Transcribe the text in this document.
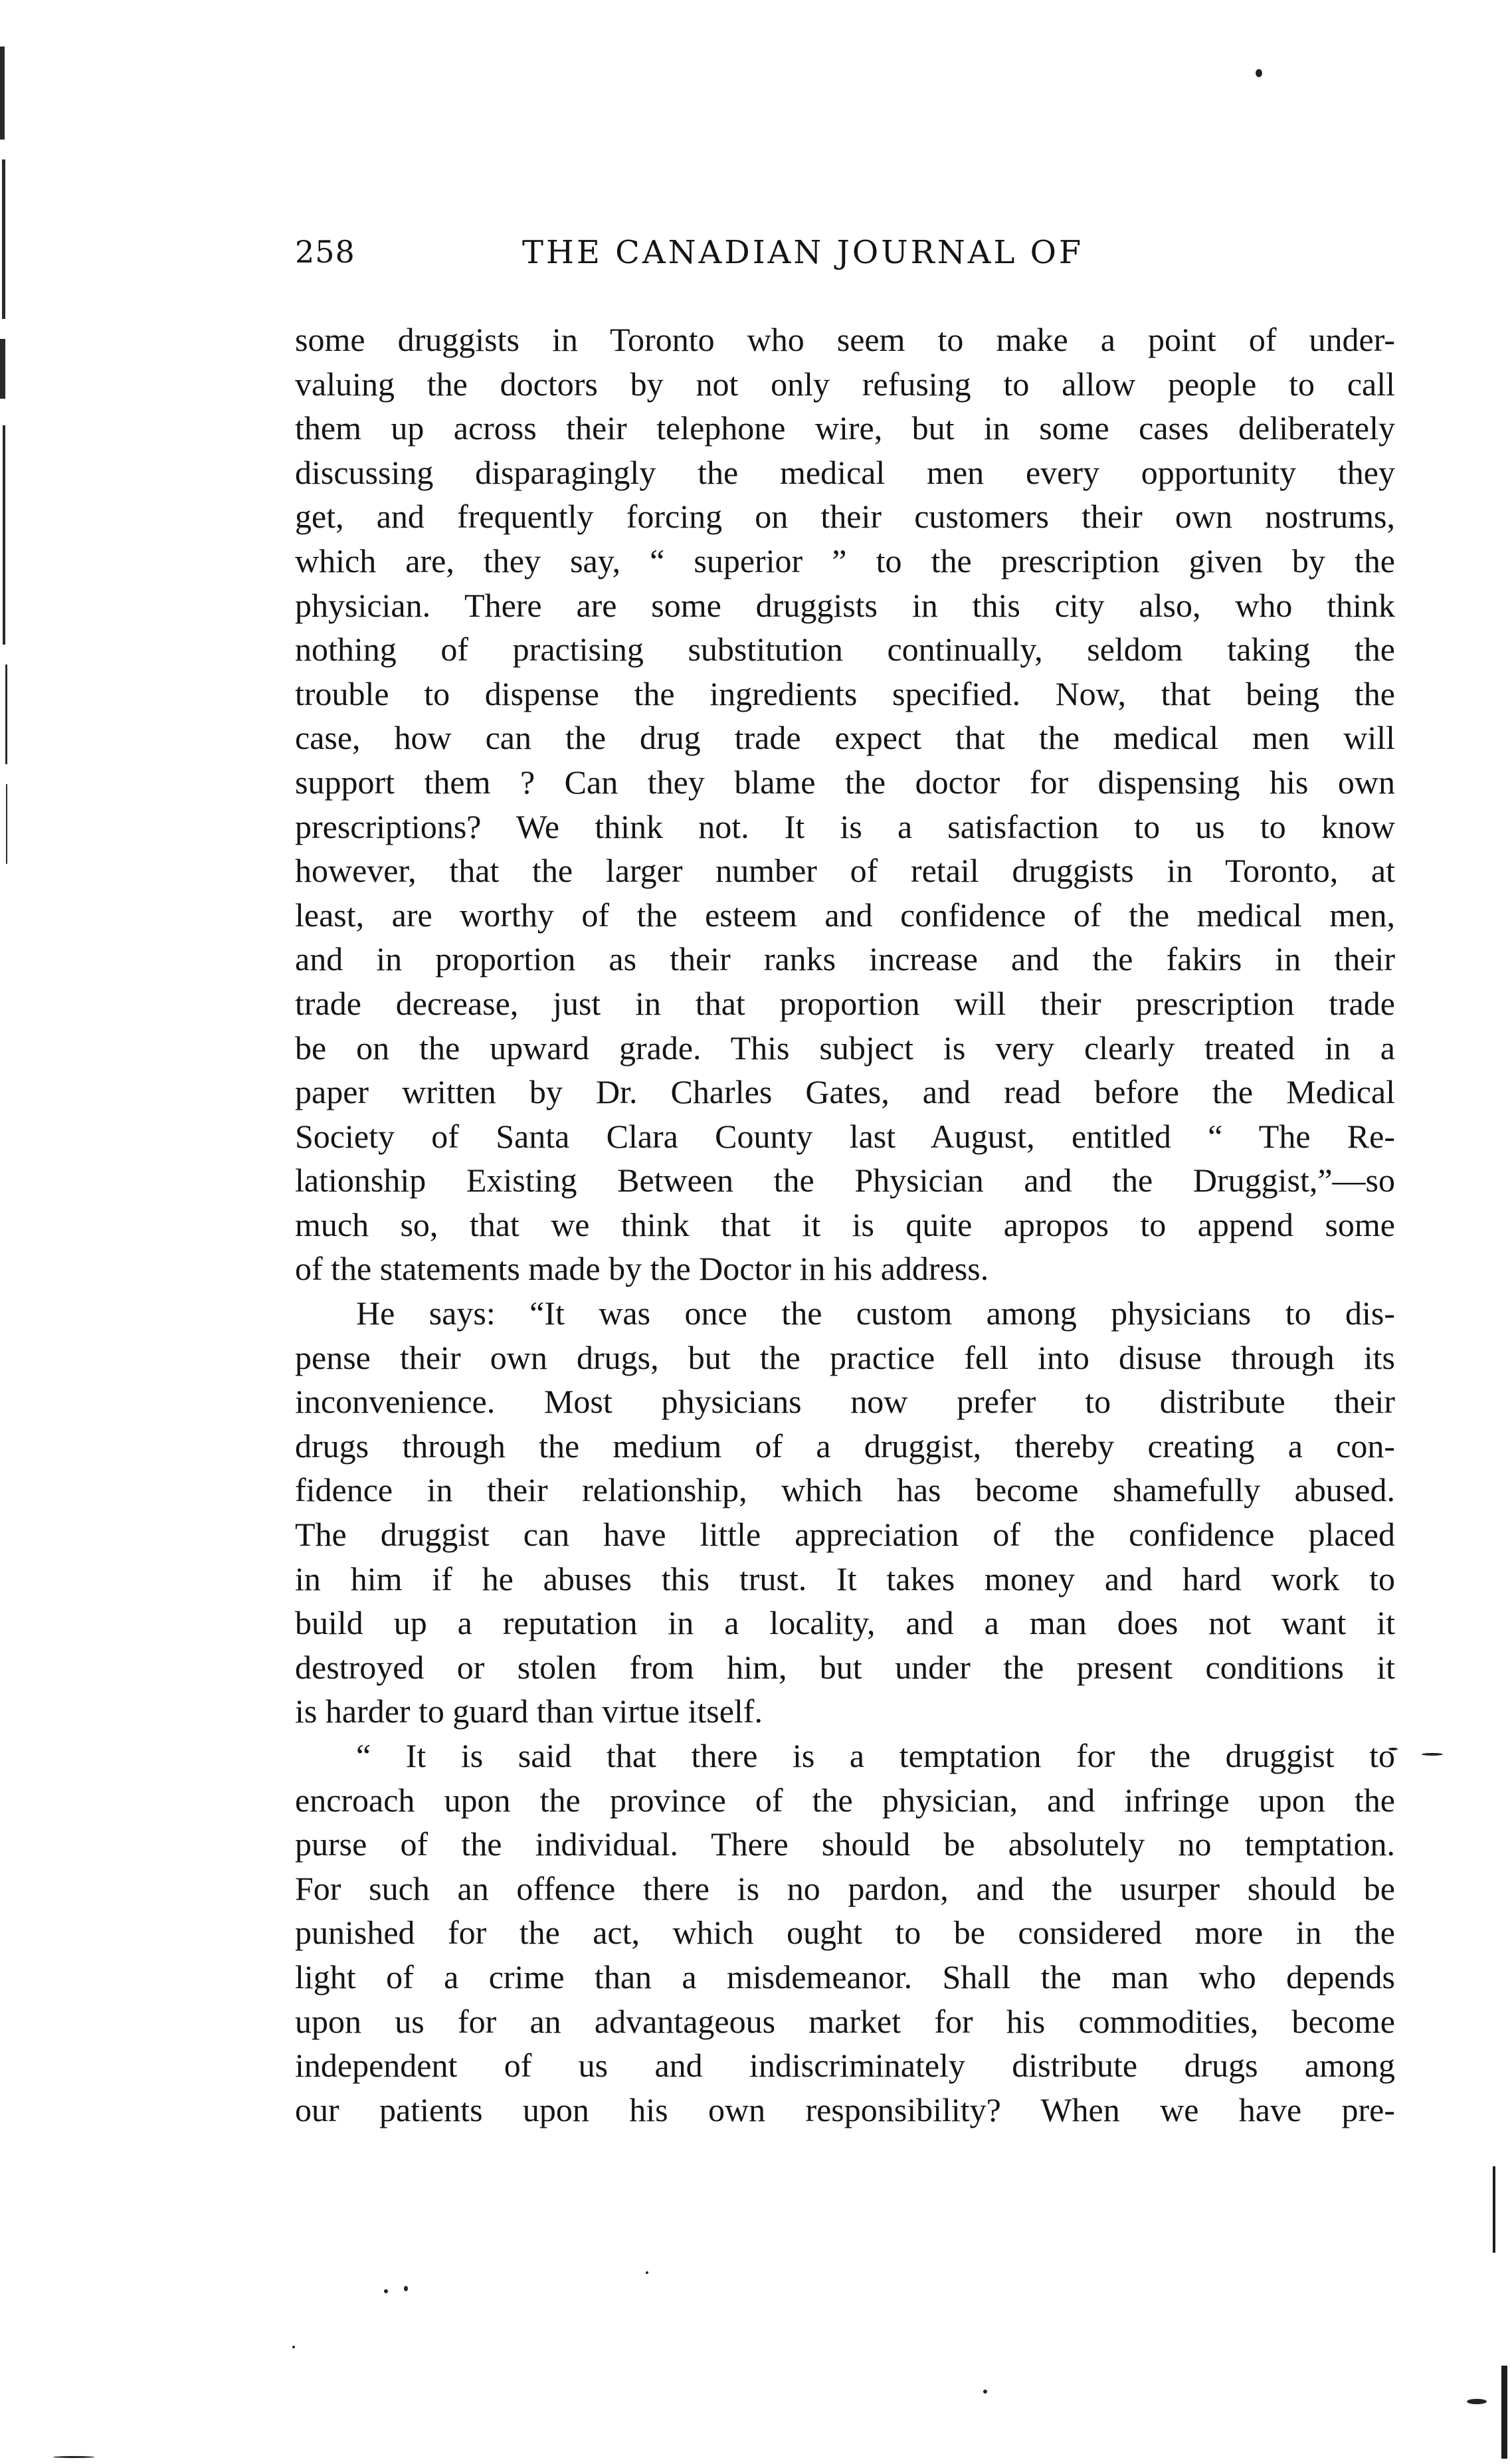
258	THE CANADIAN JOURNAL OF
some druggists in Toronto who seem to make a point of under-
valuing the doctors by not only refusing to allow people to call
them up across their telephone wire, but in some cases deliberately
discussing disparagingly the medical men every opportunity they
get, and frequently forcing on their customers their own nostrums,
which are, they say, “ superior ” to the prescription given by the
physician. There are some druggists in this city also, who think
nothing of practising substitution continually, seldom taking the
trouble to dispense the ingredients specified. Now, that being the
case, how can the drug trade expect that the medical men will
support them ? Can they blame the doctor for dispensing his own
prescriptions? We think not. It is a satisfaction to us to know
however, that the larger number of retail druggists in Toronto, at
least, are worthy of the esteem and confidence of the medical men,
and in proportion as their ranks increase and the fakirs in their
trade decrease, just in that proportion will their prescription trade
be on the upward grade. This subject is very clearly treated in a
paper written by Dr. Charles Gates, and read before the Medical
Society of Santa Clara County last August, entitled “ The Re-
lationship Existing Between the Physician and the Druggist,”—so
much so, that we think that it is quite apropos to append some
of the statements made by the Doctor in his address.
He says: “It was once the custom among physicians to dis-
pense their own drugs, but the practice fell into disuse through its
inconvenience. Most physicians now prefer to distribute their
drugs through the medium of a druggist, thereby creating a con-
fidence in their relationship, which has become shamefully abused.
The druggist can have little appreciation of the confidence placed
in him if he abuses this trust. It takes money and hard work to
build up a reputation in a locality, and a man does not want it
destroyed or stolen from him, but under the present conditions it
is harder to guard than virtue itself.
“ It is said that there is a temptation for the druggist to
encroach upon the province of the physician, and infringe upon the
purse of the individual. There should be absolutely no temptation.
For such an offence there is no pardon, and the usurper should be
punished for the act, which ought to be considered more in the
light of a crime than a misdemeanor. Shall the man who depends
upon us for an advantageous market for his commodities, become
independent of us and indiscriminately distribute drugs among
our patients upon his own responsibility? When we have pre-
